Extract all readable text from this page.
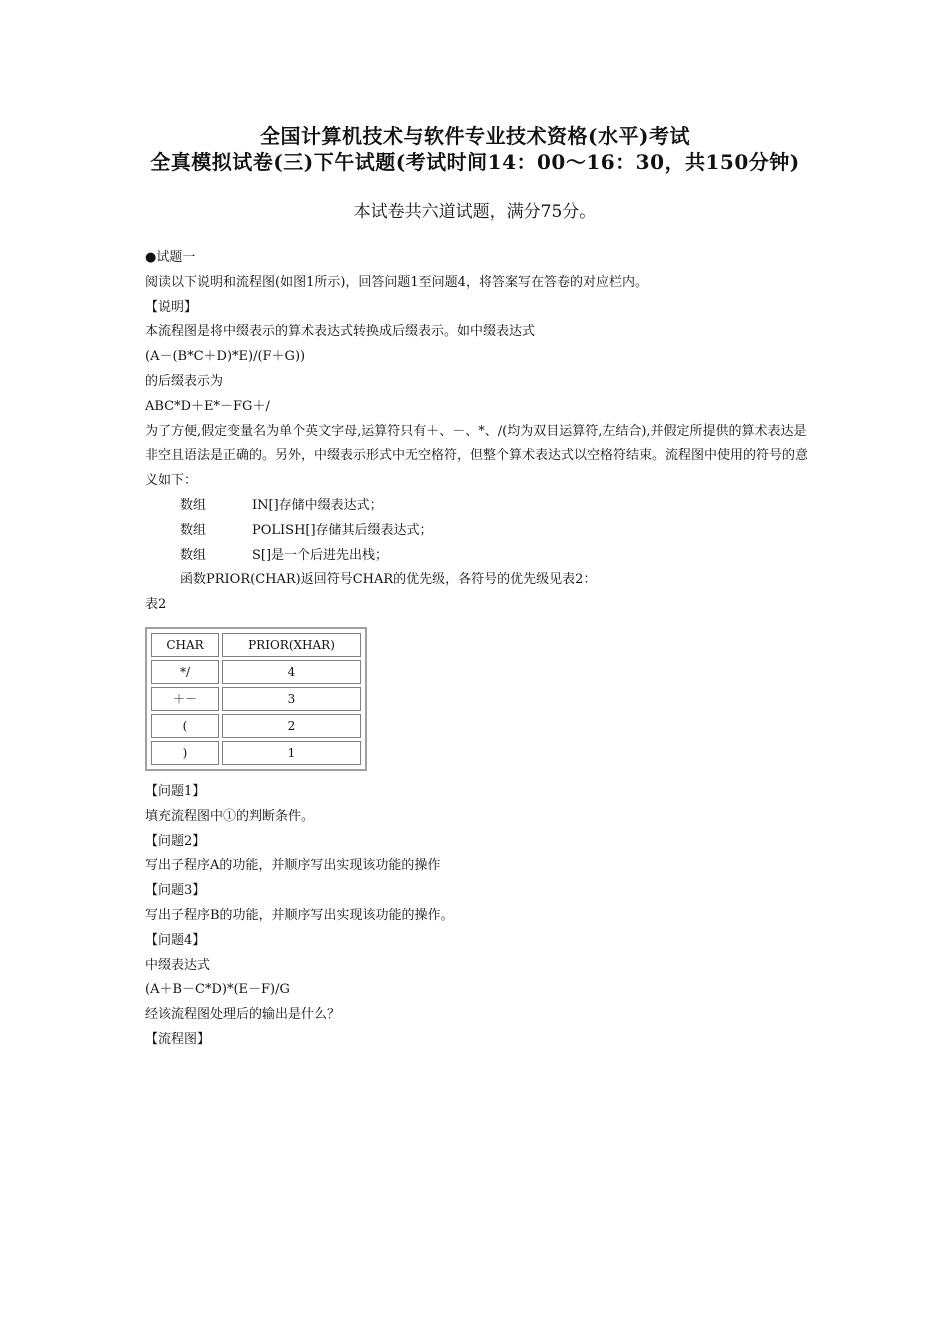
全国计算机技术与软件专业技术资格(水平)考试
全真模拟试卷(三)下午试题(考试时间14：00～16：30，共150分钟)
本试卷共六道试题，满分75分。

●试题一

阅读以下说明和流程图(如图1所示)，回答问题1至问题4，将答案写在答卷的对应栏内。

【说明】

本流程图是将中缀表示的算术表达式转换成后缀表示。如中缀表达式

(A－(B*C＋D)*E)/(F＋G))

的后缀表示为

ABC*D＋E*－FG＋/

为了方便,假定变量名为单个英文字母,运算符只有＋、－、*、/(均为双目运算符,左结合),并假定所提供的算术表达是非空且语法是正确的。另外，中缀表示形式中无空格符，但整个算术表达式以空格符结束。流程图中使用的符号的意义如下：

数组	IN[]存储中缀表达式；

数组	POLISH[]存储其后缀表达式；

数组	S[]是一个后进先出栈；

函数PRIOR(CHAR)返回符号CHAR的优先级，各符号的优先级见表2：

表2

CHAR	PRIOR(XHAR)
*/	4
＋－	3
(	2
)	1

【问题1】

填充流程图中①的判断条件。

【问题2】

写出子程序A的功能，并顺序写出实现该功能的操作

【问题3】

写出子程序B的功能，并顺序写出实现该功能的操作。

【问题4】

中缀表达式

(A＋B－C*D)*(E－F)/G

经该流程图处理后的输出是什么？

【流程图】
